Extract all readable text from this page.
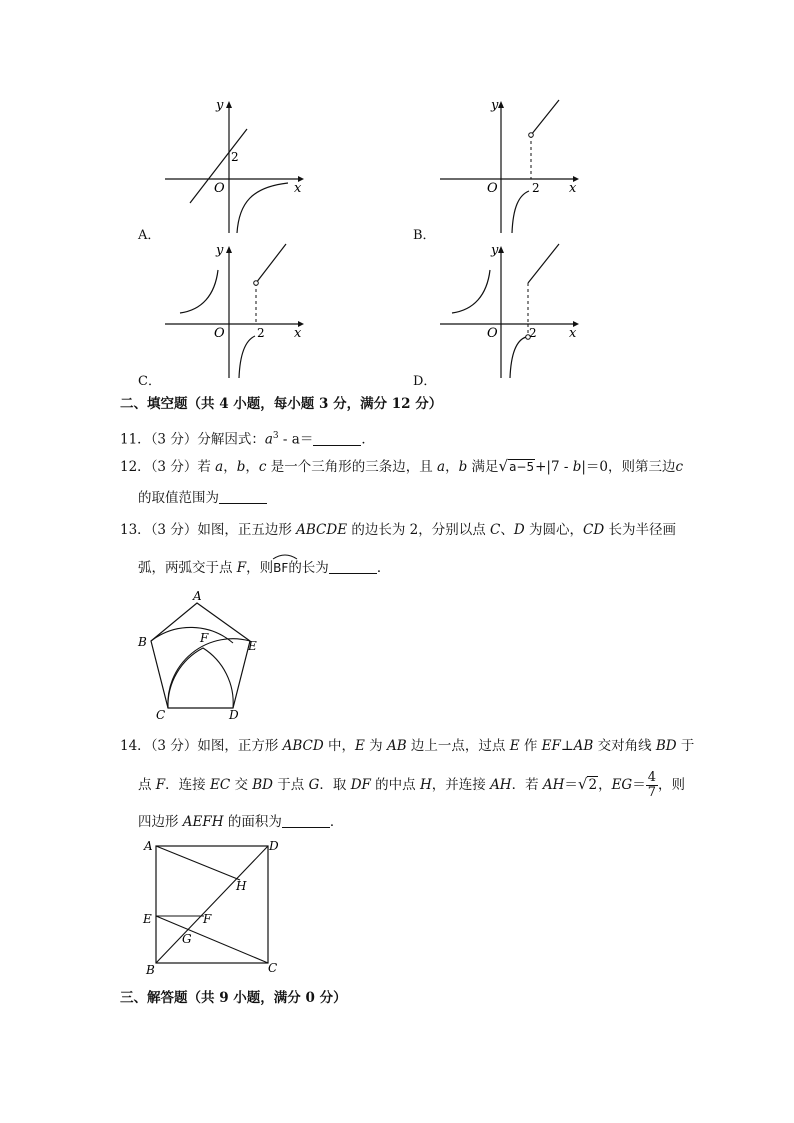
y
x
O
2
A．
y
x
O	2
B．
y
x
O	2
C．
y
x
O	2
D．
二、填空题（共 4 小题，每小题 3 分，满分 12 分）
11．（3 分）分解因式：$a^3 - a=$	．
12．（3 分）若 a，b，c 是一个三角形的三条边，且 a，b 满足√a−5+|7 - b|＝0，则第三边c
的取值范围为
13．（3 分）如图，正五边形 ABCDE 的边长为 2，分别以点 C、D 为圆心，CD 长为半径画
弧，两弧交于点 F，则
BF的长为	．
A
B	E
F
C	D
14．（3 分）如图，正方形 ABCD 中，E 为 AB 边上一点，过点 E 作 EF⊥AB 交对角线 BD 于
点 F．连接 EC 交 BD 于点 G．取 DF 的中点 H，并连接 AH．若 AH＝√2，$EG= \frac{4}{7}$ ，则
四边形 AEFH 的面积为	．
A	D
H
E	F
G
B	C
三、解答题（共 9 小题，满分 0 分）
